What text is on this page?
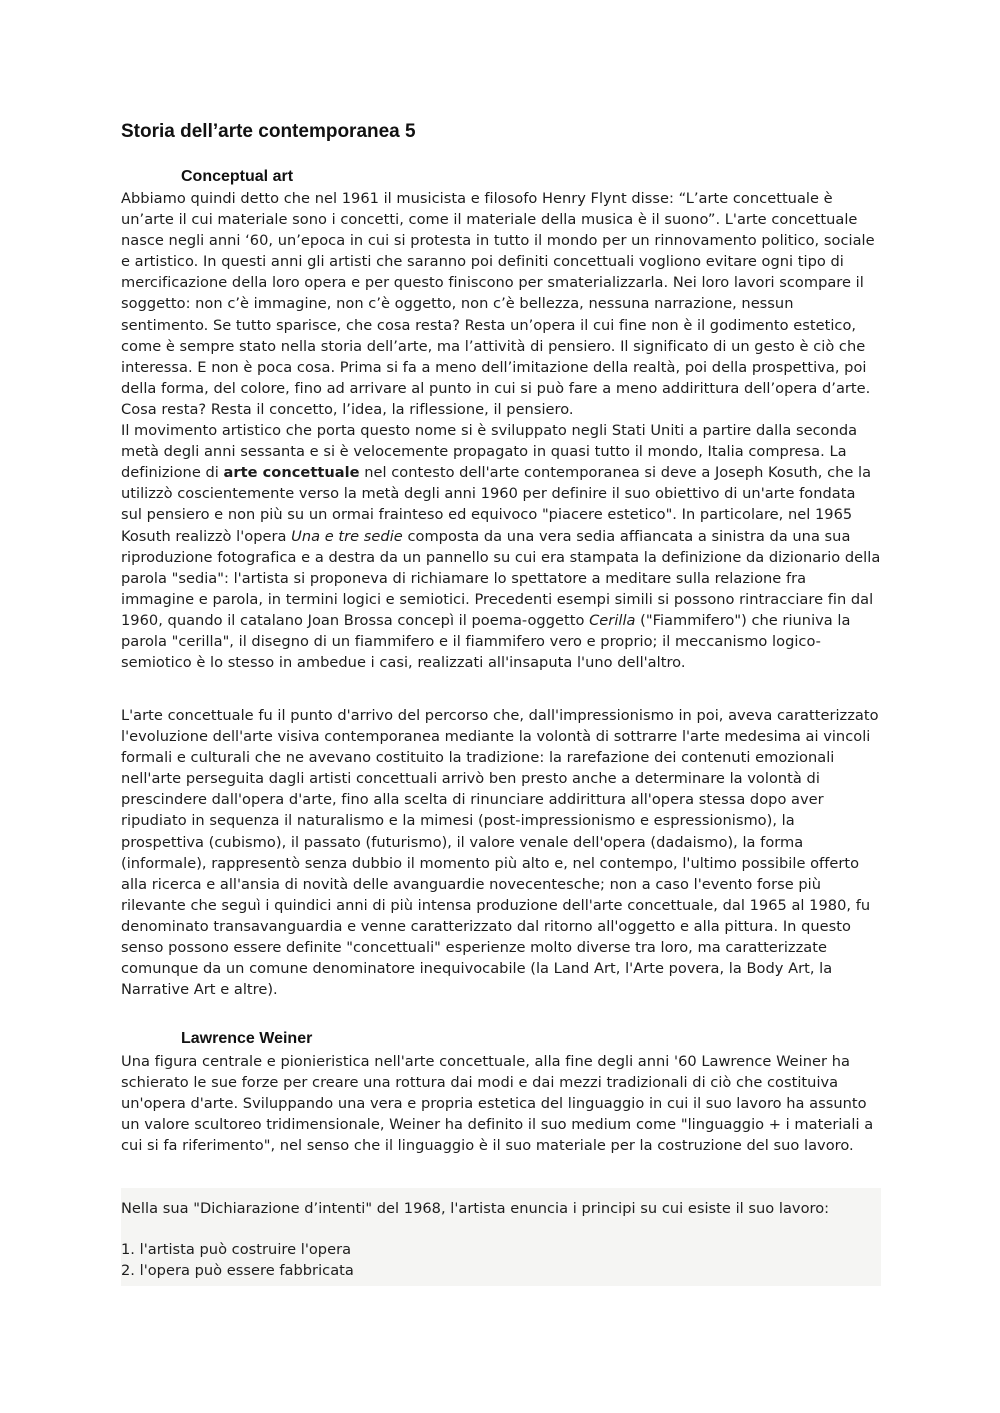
Storia dell’arte contemporanea 5
Conceptual art

Abbiamo quindi detto che nel 1961 il musicista e filosofo Henry Flynt disse: “L’arte concettuale è un’arte il cui materiale sono i concetti, come il materiale della musica è il suono”. L'arte concettuale nasce negli anni ‘60, un’epoca in cui si protesta in tutto il mondo per un rinnovamento politico, sociale e artistico. In questi anni gli artisti che saranno poi definiti concettuali vogliono evitare ogni tipo di mercificazione della loro opera e per questo finiscono per smaterializzarla. Nei loro lavori scompare il soggetto: non c’è immagine, non c’è oggetto, non c’è bellezza, nessuna narrazione, nessun sentimento. Se tutto sparisce, che cosa resta? Resta un’opera il cui fine non è il godimento estetico, come è sempre stato nella storia dell’arte, ma l’attività di pensiero. Il significato di un gesto è ciò che interessa. E non è poca cosa. Prima si fa a meno dell’imitazione della realtà, poi della prospettiva, poi della forma, del colore, fino ad arrivare al punto in cui si può fare a meno addirittura dell’opera d’arte. Cosa resta? Resta il concetto, l’idea, la riflessione, il pensiero.

Il movimento artistico che porta questo nome si è sviluppato negli Stati Uniti a partire dalla seconda metà degli anni sessanta e si è velocemente propagato in quasi tutto il mondo, Italia compresa. La definizione di arte concettuale nel contesto dell'arte contemporanea si deve a Joseph Kosuth, che la utilizzò coscientemente verso la metà degli anni 1960 per definire il suo obiettivo di un'arte fondata sul pensiero e non più su un ormai frainteso ed equivoco "piacere estetico". In particolare, nel 1965 Kosuth realizzò l'opera Una e tre sedie composta da una vera sedia affiancata a sinistra da una sua riproduzione fotografica e a destra da un pannello su cui era stampata la definizione da dizionario della parola "sedia": l'artista si proponeva di richiamare lo spettatore a meditare sulla relazione fra immagine e parola, in termini logici e semiotici. Precedenti esempi simili si possono rintracciare fin dal 1960, quando il catalano Joan Brossa concepì il poema-oggetto Cerilla ("Fiammifero") che riuniva la parola "cerilla", il disegno di un fiammifero e il fiammifero vero e proprio; il meccanismo logico-semiotico è lo stesso in ambedue i casi, realizzati all'insaputa l'uno dell'altro.

L'arte concettuale fu il punto d'arrivo del percorso che, dall'impressionismo in poi, aveva caratterizzato l'evoluzione dell'arte visiva contemporanea mediante la volontà di sottrarre l'arte medesima ai vincoli formali e culturali che ne avevano costituito la tradizione: la rarefazione dei contenuti emozionali nell'arte perseguita dagli artisti concettuali arrivò ben presto anche a determinare la volontà di prescindere dall'opera d'arte, fino alla scelta di rinunciare addirittura all'opera stessa dopo aver ripudiato in sequenza il naturalismo e la mimesi (post-impressionismo e espressionismo), la prospettiva (cubismo), il passato (futurismo), il valore venale dell'opera (dadaismo), la forma (informale), rappresentò senza dubbio il momento più alto e, nel contempo, l'ultimo possibile offerto alla ricerca e all'ansia di novità delle avanguardie novecentesche; non a caso l'evento forse più rilevante che seguì i quindici anni di più intensa produzione dell'arte concettuale, dal 1965 al 1980, fu denominato transavanguardia e venne caratterizzato dal ritorno all'oggetto e alla pittura. In questo senso possono essere definite "concettuali" esperienze molto diverse tra loro, ma caratterizzate comunque da un comune denominatore inequivocabile (la Land Art, l'Arte povera, la Body Art, la Narrative Art e altre).

Lawrence Weiner

Una figura centrale e pionieristica nell'arte concettuale, alla fine degli anni '60 Lawrence Weiner ha schierato le sue forze per creare una rottura dai modi e dai mezzi tradizionali di ciò che costituiva un'opera d'arte. Sviluppando una vera e propria estetica del linguaggio in cui il suo lavoro ha assunto un valore scultoreo tridimensionale, Weiner ha definito il suo medium come "linguaggio + i materiali a cui si fa riferimento", nel senso che il linguaggio è il suo materiale per la costruzione del suo lavoro.

Nella sua "Dichiarazione d’intenti" del 1968, l'artista enuncia i principi su cui esiste il suo lavoro:

1. l'artista può costruire l'opera

2. l'opera può essere fabbricata
